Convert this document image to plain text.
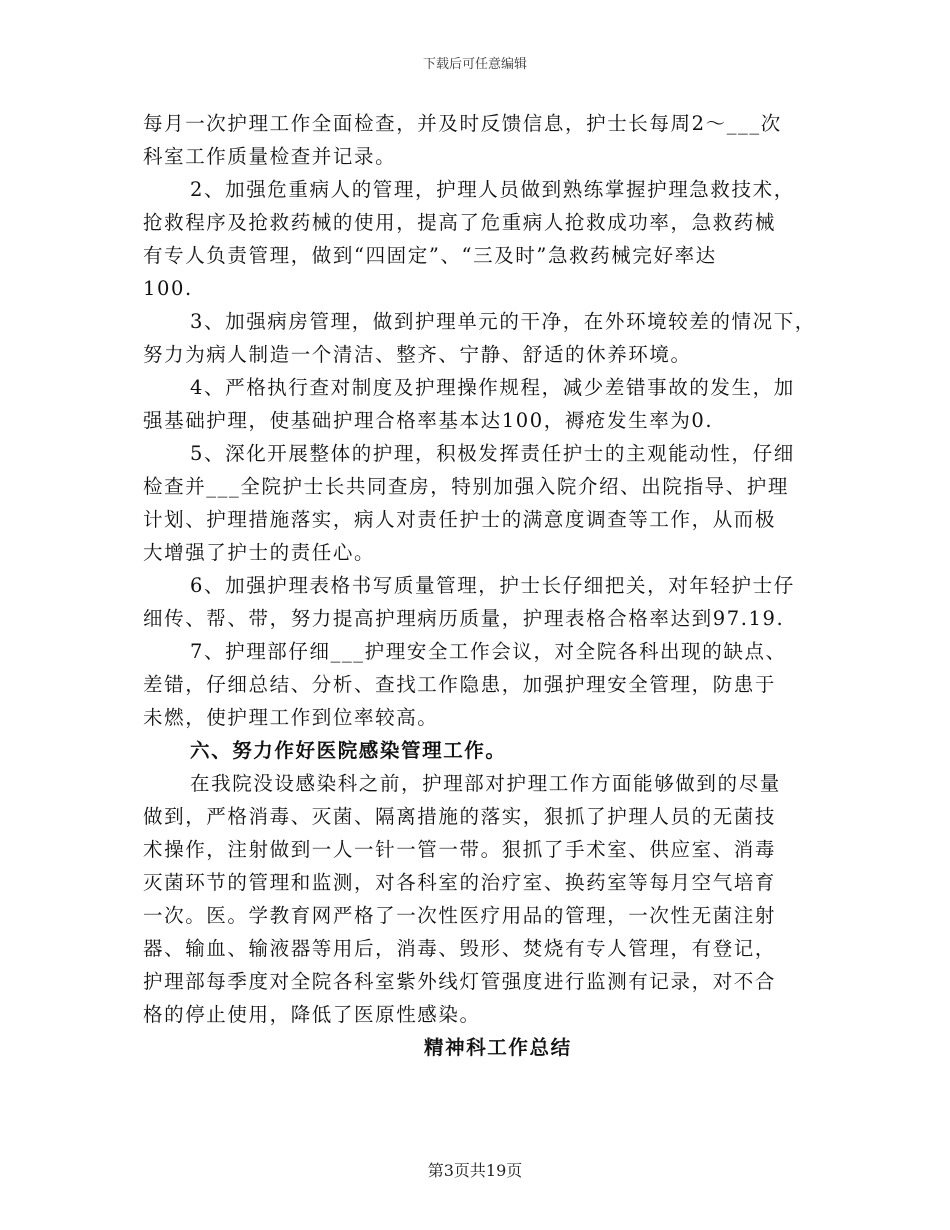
下载后可任意编辑
每月一次护理工作全面检查，并及时反馈信息，护士长每周2～___次
科室工作质量检查并记录。
2、加强危重病人的管理，护理人员做到熟练掌握护理急救技术，
抢救程序及抢救药械的使用，提高了危重病人抢救成功率，急救药械
有专人负责管理，做到“四固定”、“三及时”急救药械完好率达
100.
3、加强病房管理，做到护理单元的干净，在外环境较差的情况下，
努力为病人制造一个清洁、整齐、宁静、舒适的休养环境。
4、严格执行查对制度及护理操作规程，减少差错事故的发生，加
强基础护理，使基础护理合格率基本达100，褥疮发生率为0.
5、深化开展整体的护理，积极发挥责任护士的主观能动性，仔细
检查并___全院护士长共同查房，特别加强入院介绍、出院指导、护理
计划、护理措施落实，病人对责任护士的满意度调查等工作，从而极
大增强了护士的责任心。
6、加强护理表格书写质量管理，护士长仔细把关，对年轻护士仔
细传、帮、带，努力提高护理病历质量，护理表格合格率达到97.19.
7、护理部仔细___护理安全工作会议，对全院各科出现的缺点、
差错，仔细总结、分析、查找工作隐患，加强护理安全管理，防患于
未燃，使护理工作到位率较高。
六、努力作好医院感染管理工作。
在我院没设感染科之前，护理部对护理工作方面能够做到的尽量
做到，严格消毒、灭菌、隔离措施的落实，狠抓了护理人员的无菌技
术操作，注射做到一人一针一管一带。狠抓了手术室、供应室、消毒
灭菌环节的管理和监测，对各科室的治疗室、换药室等每月空气培育
一次。医。学教育网严格了一次性医疗用品的管理，一次性无菌注射
器、输血、输液器等用后，消毒、毁形、焚烧有专人管理，有登记，
护理部每季度对全院各科室紫外线灯管强度进行监测有记录，对不合
格的停止使用，降低了医原性感染。
精神科工作总结
第3页共19页
